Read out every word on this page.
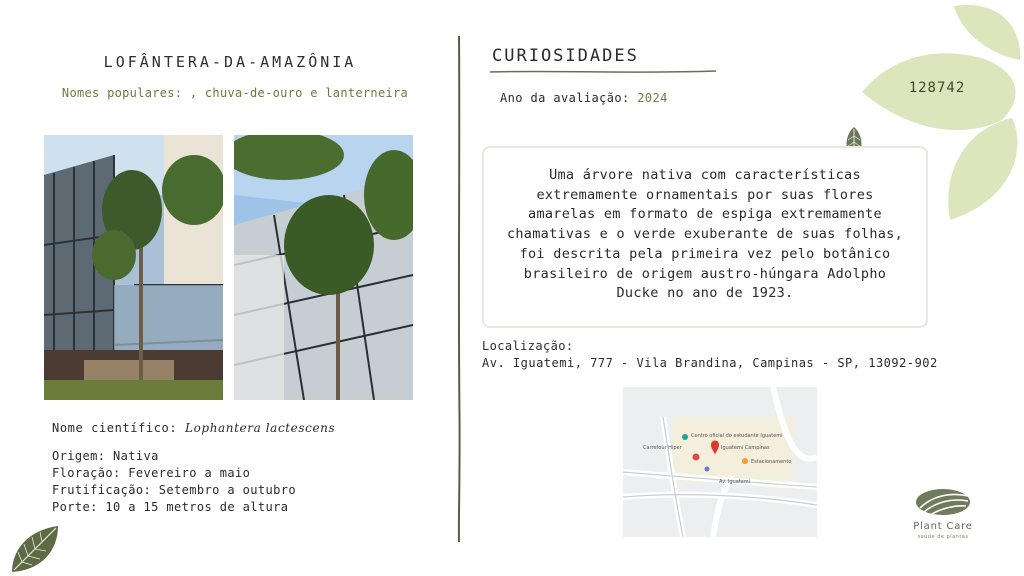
LOFÂNTERA-DA-AMAZÔNIA
Nomes populares: , chuva-de-ouro e lanterneira
Nome científico: Lophantera lactescens
Origem: Nativa
Floração: Fevereiro a maio
Frutificação: Setembro a outubro
Porte: 10 a 15 metros de altura
CURIOSIDADES
Ano da avaliação: 2024
Uma árvore nativa com características extremamente ornamentais por suas flores amarelas em formato de espiga extremamente chamativas e o verde exuberante de suas folhas, foi descrita pela primeira vez pelo botânico brasileiro de origem austro-húngara Adolpho Ducke no ano de 1923.
Localização:
Av. Iguatemi, 777 - Vila Brandina, Campinas - SP, 13092-902
Centro oficial do estudante Iguatemi
Carrefour Hiper	Iguatemi Campinas
Estacionamento
Av. Iguatemi
128742
Plant Care
saúde de plantas
